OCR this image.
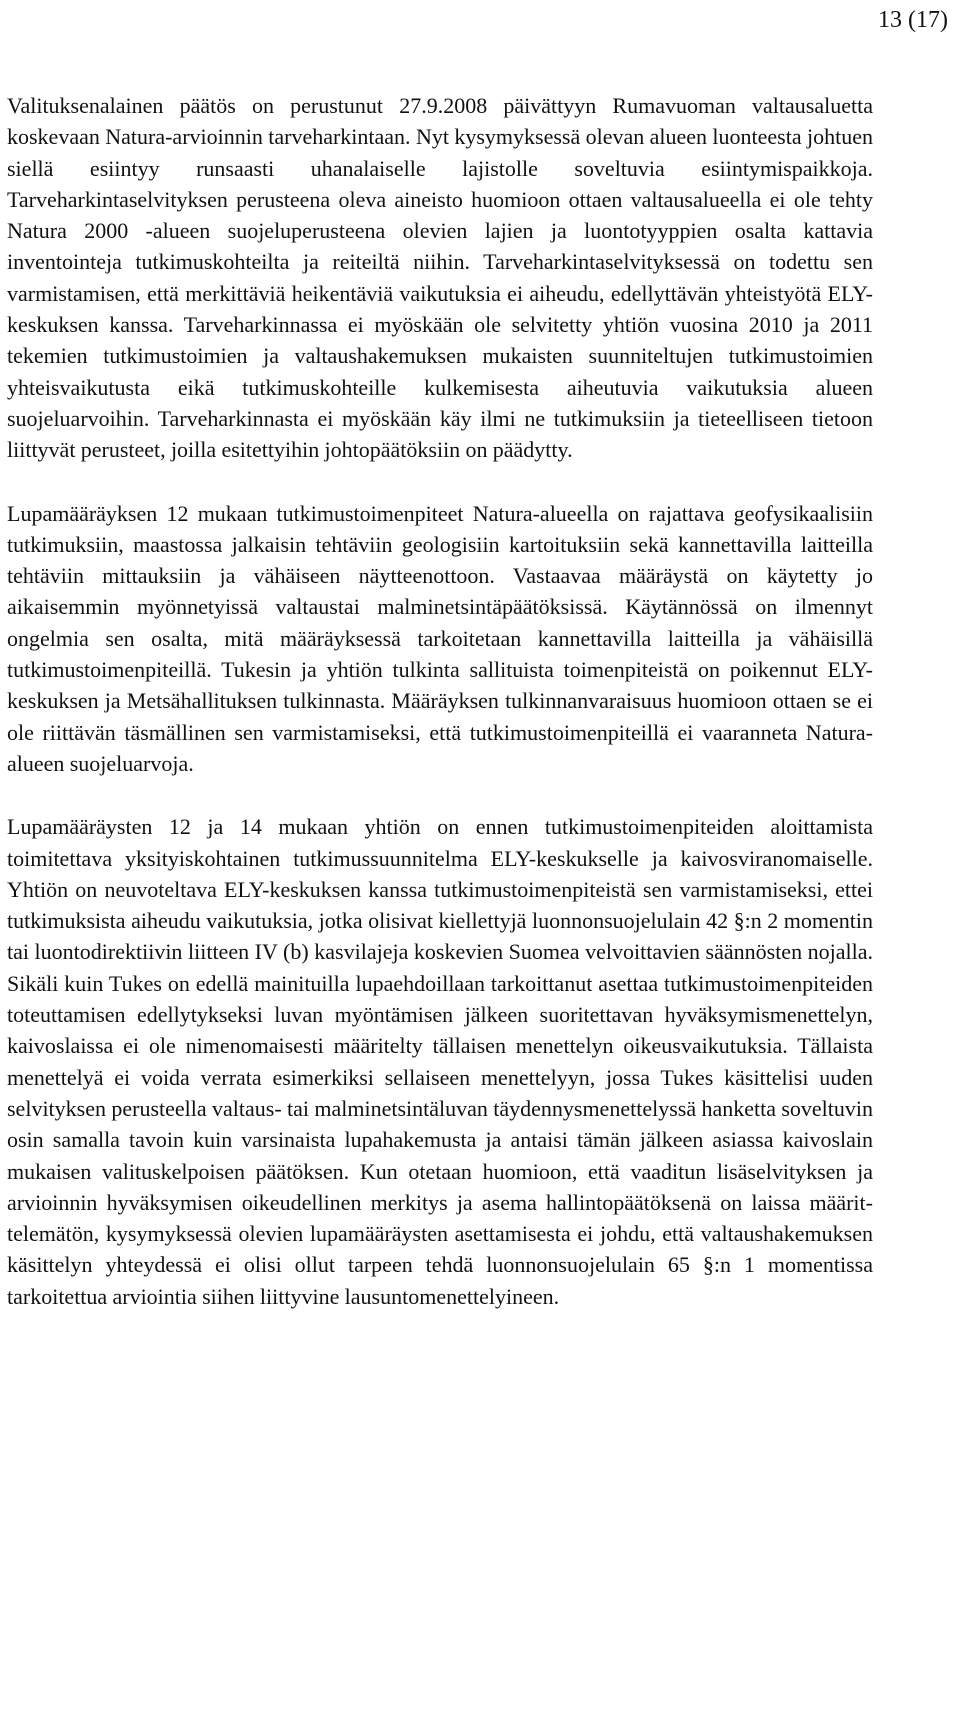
13 (17)

Valituksenalainen päätös on perustunut 27.9.2008 päivättyyn Rumavuoman valtausaluetta koskevaan Natura-arvioinnin tarveharkintaan. Nyt kysymyksessä olevan alueen luonteesta johtuen siellä esiintyy runsaasti uhanalaiselle lajistolle soveltuvia esiintymispaikkoja. Tarveharkintaselvityksen perusteena oleva aineisto huomioon ottaen valtausalueella ei ole tehty Natura 2000 -alueen suojeluperusteena olevien lajien ja luontotyyppien osalta kattavia inventointeja tutkimuskohteilta ja reiteiltä niihin. Tarveharkintaselvityksessä on todettu sen varmistamisen, että merkittäviä heikentäviä vaikutuksia ei aiheudu, edellyttävän yhteistyötä ELY-keskuksen kanssa. Tarveharkinnassa ei myöskään ole selvitetty yhtiön vuosina 2010 ja 2011 tekemien tutkimustoimien ja valtaushakemuksen mukaisten suunniteltujen tutkimustoimien yhteisvaikutusta eikä tutkimuskohteille kulkemisesta aiheutuvia vaikutuksia alueen suojeluarvoihin. Tarveharkinnasta ei myöskään käy ilmi ne tutkimuksiin ja tieteelliseen tietoon liittyvät perusteet, joilla esitettyihin johtopäätöksiin on päädytty.

Lupamääräyksen 12 mukaan tutkimustoimenpiteet Natura-alueella on rajattava geofysikaalisiin tutkimuksiin, maastossa jalkaisin tehtäviin geologisiin kartoituksiin sekä kannettavilla laitteilla tehtäviin mittauksiin ja vähäiseen näytteenottoon. Vastaavaa määräystä on käytetty jo aikaisemmin myönnetyissä valtaustai malminetsintäpäätöksissä. Käytännössä on ilmennyt ongelmia sen osalta, mitä määräyksessä tarkoitetaan kannettavilla laitteilla ja vähäisillä tutkimustoimenpiteillä. Tukesin ja yhtiön tulkinta sallituista toimenpiteistä on poikennut ELY-keskuksen ja Metsähallituksen tulkinnasta. Määräyksen tulkinnanvaraisuus huomioon ottaen se ei ole riittävän täsmällinen sen varmistamiseksi, että tutkimustoimenpiteillä ei vaaranneta Natura-alueen suojeluarvoja.

Lupamääräysten 12 ja 14 mukaan yhtiön on ennen tutkimustoimenpiteiden aloittamista toimitettava yksityiskohtainen tutkimussuunnitelma ELY-keskukselle ja kaivosviranomaiselle. Yhtiön on neuvoteltava ELY-keskuksen kanssa tutkimustoimenpiteistä sen varmistamiseksi, ettei tutkimuksista aiheudu vaikutuksia, jotka olisivat kiellettyjä luonnonsuojelulain 42 §:n 2 momentin tai luontodirektiivin liitteen IV (b) kasvilajeja koskevien Suomea velvoittavien säännösten nojalla. Sikäli kuin Tukes on edellä mainituilla lupaehdoillaan tarkoittanut asettaa tutkimustoimenpiteiden toteuttamisen edellytykseksi luvan myöntämisen jälkeen suoritettavan hyväksymismenettelyn, kaivoslaissa ei ole nimenomaisesti määritelty tällaisen menettelyn oikeusvaikutuksia. Tällaista menettelyä ei voida verrata esimerkiksi sellaiseen menettelyyn, jossa Tukes käsittelisi uuden selvityksen perusteella valtaus- tai malminetsintäluvan täydennysmenettelyssä hanketta soveltuvin osin samalla tavoin kuin varsinaista lupahakemusta ja antaisi tämän jälkeen asiassa kaivoslain mukaisen valituskelpoisen päätöksen. Kun otetaan huomioon, että vaaditun lisäselvityksen ja arvioinnin hyväksymisen oikeudellinen merkitys ja asema hallintopäätöksenä on laissa määrittelemätön, kysymyksessä olevien lupamääräysten asettamisesta ei johdu, että valtaushakemuksen käsittelyn yhteydessä ei olisi ollut tarpeen tehdä luonnonsuojelulain 65 §:n 1 momentissa tarkoitettua arviointia siihen liittyvine lausuntomenettelyineen.
